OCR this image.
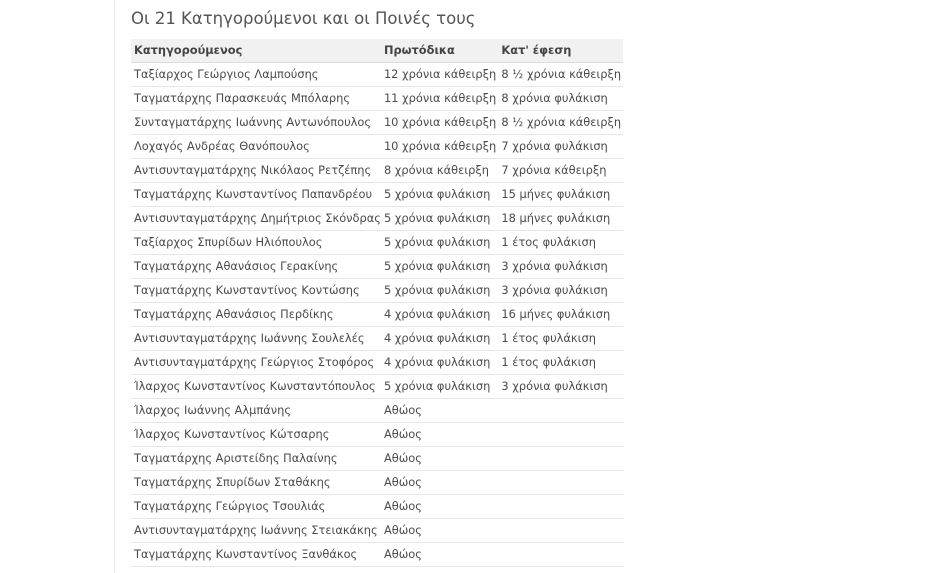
Οι 21 Κατηγορούμενοι και οι Ποινές τους
Κατηγορούμενος	Πρωτόδικα	Κατ' έφεση
Ταξίαρχος Γεώργιος Λαμπούσης	12 χρόνια κάθειρξη	8 ½ χρόνια κάθειρξη
Ταγματάρχης Παρασκευάς Μπόλαρης	11 χρόνια κάθειρξη	8 χρόνια φυλάκιση
Συνταγματάρχης Ιωάννης Αντωνόπουλος	10 χρόνια κάθειρξη	8 ½ χρόνια κάθειρξη
Λοχαγός Ανδρέας Θανόπουλος	10 χρόνια κάθειρξη	7 χρόνια φυλάκιση
Αντισυνταγματάρχης Νικόλαος Ρετζέπης	8 χρόνια κάθειρξη	7 χρόνια κάθειρξη
Ταγματάρχης Κωνσταντίνος Παπανδρέου	5 χρόνια φυλάκιση	15 μήνες φυλάκιση
Αντισυνταγματάρχης Δημήτριος Σκόνδρας	5 χρόνια φυλάκιση	18 μήνες φυλάκιση
Ταξίαρχος Σπυρίδων Ηλιόπουλος	5 χρόνια φυλάκιση	1 έτος φυλάκιση
Ταγματάρχης Αθανάσιος Γερακίνης	5 χρόνια φυλάκιση	3 χρόνια φυλάκιση
Ταγματάρχης Κωνσταντίνος Κοντώσης	5 χρόνια φυλάκιση	3 χρόνια φυλάκιση
Ταγματάρχης Αθανάσιος Περδίκης	4 χρόνια φυλάκιση	16 μήνες φυλάκιση
Αντισυνταγματάρχης Ιωάννης Σουλελές	4 χρόνια φυλάκιση	1 έτος φυλάκιση
Αντισυνταγματάρχης Γεώργιος Στοφόρος	4 χρόνια φυλάκιση	1 έτος φυλάκιση
Ίλαρχος Κωνσταντίνος Κωνσταντόπουλος	5 χρόνια φυλάκιση	3 χρόνια φυλάκιση
Ίλαρχος Ιωάννης Αλμπάνης	Αθώος	
Ίλαρχος Κωνσταντίνος Κώτσαρης	Αθώος	
Ταγματάρχης Αριστείδης Παλαίνης	Αθώος	
Ταγματάρχης Σπυρίδων Σταθάκης	Αθώος	
Ταγματάρχης Γεώργιος Τσουλιάς	Αθώος	
Αντισυνταγματάρχης Ιωάννης Στειακάκης	Αθώος	
Ταγματάρχης Κωνσταντίνος Ξανθάκος	Αθώος	
